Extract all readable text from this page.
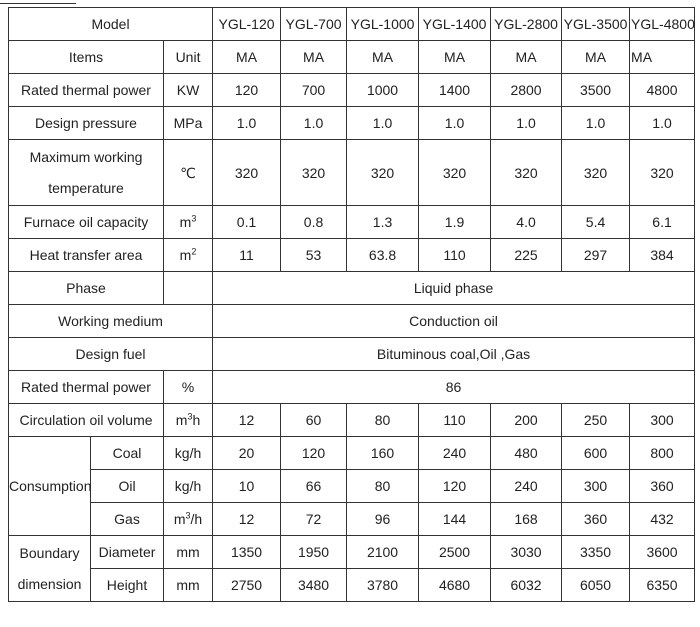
Model			YGL-120	YGL-700	YGL-1000	YGL-1400	YGL-2800	YGL-3500	YGL-4800
Items		Unit	MA	MA	MA	MA	MA	MA	MA
Rated thermal power		KW	120	700	1000	1400	2800	3500	4800
Design pressure		MPa	1.0	1.0	1.0	1.0	1.0	1.0	1.0

Maximum working
temperature		℃	320	320	320	320	320	320	320
Furnace oil capacity		$m^3$	0.1	0.8	1.3	1.9	4.0	5.4	6.1
Heat transfer area		$m^2$	11	53	63.8	110	225	297	384
Phase			Liquid phase						
Working medium			Conduction oil						
Design fuel			Bituminous coal,Oil ,Gas						
Rated thermal power		%	86						
Circulation oil volume		$m^3h$	12	60	80	110	200	250	300
Consumption	Coal	kg/h	20	120	160	240	480	600	800
	Oil	kg/h	10	66	80	120	240	300	360
	Gas	$m^3/h$	12	72	96	144	168	360	432

Boundary
dimension	Diameter	mm	1350	1950	2100	2500	3030	3350	3600
	Height	mm	2750	3480	3780	4680	6032	6050	6350
